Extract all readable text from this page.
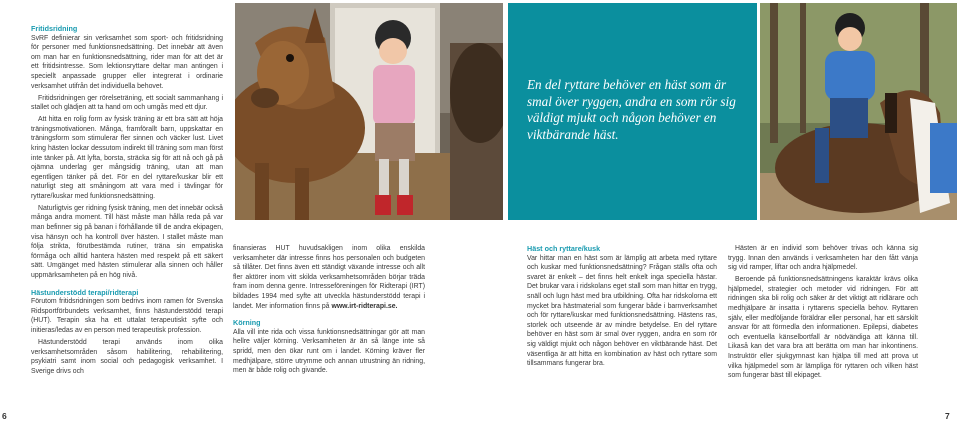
Fritidsridning

SvRF definierar sin verksamhet som sport- och fritidsridning för personer med funktionsnedsättning. Det innebär att även om man har en funktionsnedsättning, rider man för att det är ett fritidsintresse. Som lektionsryttare deltar man antingen i speciellt anpassade grupper eller integrerat i ordinarie verksamhet utifrån det individuella behovet.

Fritidsridningen ger rörelseträning, ett socialt sammanhang i stallet och glädjen att ta hand om och umgås med ett djur.

Att hitta en rolig form av fysisk träning är ett bra sätt att höja träningsmotivationen. Många, framförallt barn, uppskattar en träningsform som stimulerar fler sinnen och väcker lust. Livet kring hästen lockar dessutom indirekt till träning som man först inte tänker på. Att lyfta, borsta, sträcka sig för att nå och gå på ojämna underlag ger mångsidig träning, utan att man egentligen tänker på det. För en del ryttare/kuskar blir ett naturligt steg att småningom att vara med i tävlingar för ryttare/kuskar med funktionsnedsättning.

Naturligtvis ger ridning fysisk träning, men det innebär också många andra moment. Till häst måste man hålla reda på var man befinner sig på banan i förhållande till de andra ekipagen, visa hänsyn och ha kontroll över hästen. I stallet måste man följa strikta, förutbestämda rutiner, träna sin empatiska förmåga och alltid hantera hästen med respekt på ett säkert sätt. Umgänget med hästen stimulerar alla sinnen och håller uppmärksamheten på en hög nivå.

Hästunderstödd terapi/ridterapi

Förutom fritidsridningen som bedrivs inom ramen för Svenska Ridsportförbundets verksamhet, finns hästunderstödd terapi (HUT). Terapin ska ha ett uttalat terapeutiskt syfte och initieras/ledas av en person med terapeutisk profession.

Hästunderstödd terapi används inom olika verksamhetsområden såsom habilitering, rehabilitering, psykiatri samt inom social och pedagogisk verksamhet. I Sverige drivs och

En del ryttare behöver en häst som är smal över ryggen, andra en som rör sig väldigt mjukt och någon behöver en viktbärande häst.

finansieras HUT huvudsakligen inom olika enskilda verksamheter där intresse finns hos personalen och budgeten så tillåter. Det finns även ett ständigt växande intresse och allt fler aktörer inom vitt skilda verksamhetsområden börjar träda fram inom denna genre. Intresseföreningen för Ridterapi (IRT) bildades 1994 med syfte att utveckla hästunderstödd terapi i landet. Mer information finns på www.irt-ridterapi.se.

Körning

Alla vill inte rida och vissa funktionsnedsättningar gör att man hellre väljer körning. Verksamheten är än så länge inte så spridd, men den ökar runt om i landet. Körning kräver fler medhjälpare, större utrymme och annan utrustning än ridning, men är både rolig och givande.

Häst och ryttare/kusk

Var hittar man en häst som är lämplig att arbeta med ryttare och kuskar med funktionsnedsättning? Frågan ställs ofta och svaret är enkelt – det finns helt enkelt inga speciella hästar. Det brukar vara i ridskolans eget stall som man hittar en trygg, snäll och lugn häst med bra utbildning. Ofta har ridskolorna ett mycket bra hästmaterial som fungerar både i barnverksamhet och för ryttare/kuskar med funktionsnedsättning. Hästens ras, storlek och utseende är av mindre betydelse. En del ryttare behöver en häst som är smal över ryggen, andra en som rör sig väldigt mjukt och någon behöver en viktbärande häst. Det väsentliga är att hitta en kombination av häst och ryttare som tillsammans fungerar bra.

Hästen är en individ som behöver trivas och känna sig trygg. Innan den används i verksamheten har den fått vänja sig vid ramper, liftar och andra hjälpmedel.

Beroende på funktionsnedsättningens karaktär krävs olika hjälpmedel, strategier och metoder vid ridningen. För att ridningen ska bli rolig och säker är det viktigt att ridlärare och medhjälpare är insatta i ryttarens speciella behov. Ryttaren själv, eller medföljande föräldrar eller personal, har ett särskilt ansvar för att förmedla den informationen. Epilepsi, diabetes och eventuella känselbortfall är nödvändiga att känna till. Likaså kan det vara bra att berätta om man har inkontinens. Instruktör eller sjukgymnast kan hjälpa till med att prova ut vilka hjälpmedel som är lämpliga för ryttaren och vilken häst som fungerar bäst till ekipaget.

6	7
